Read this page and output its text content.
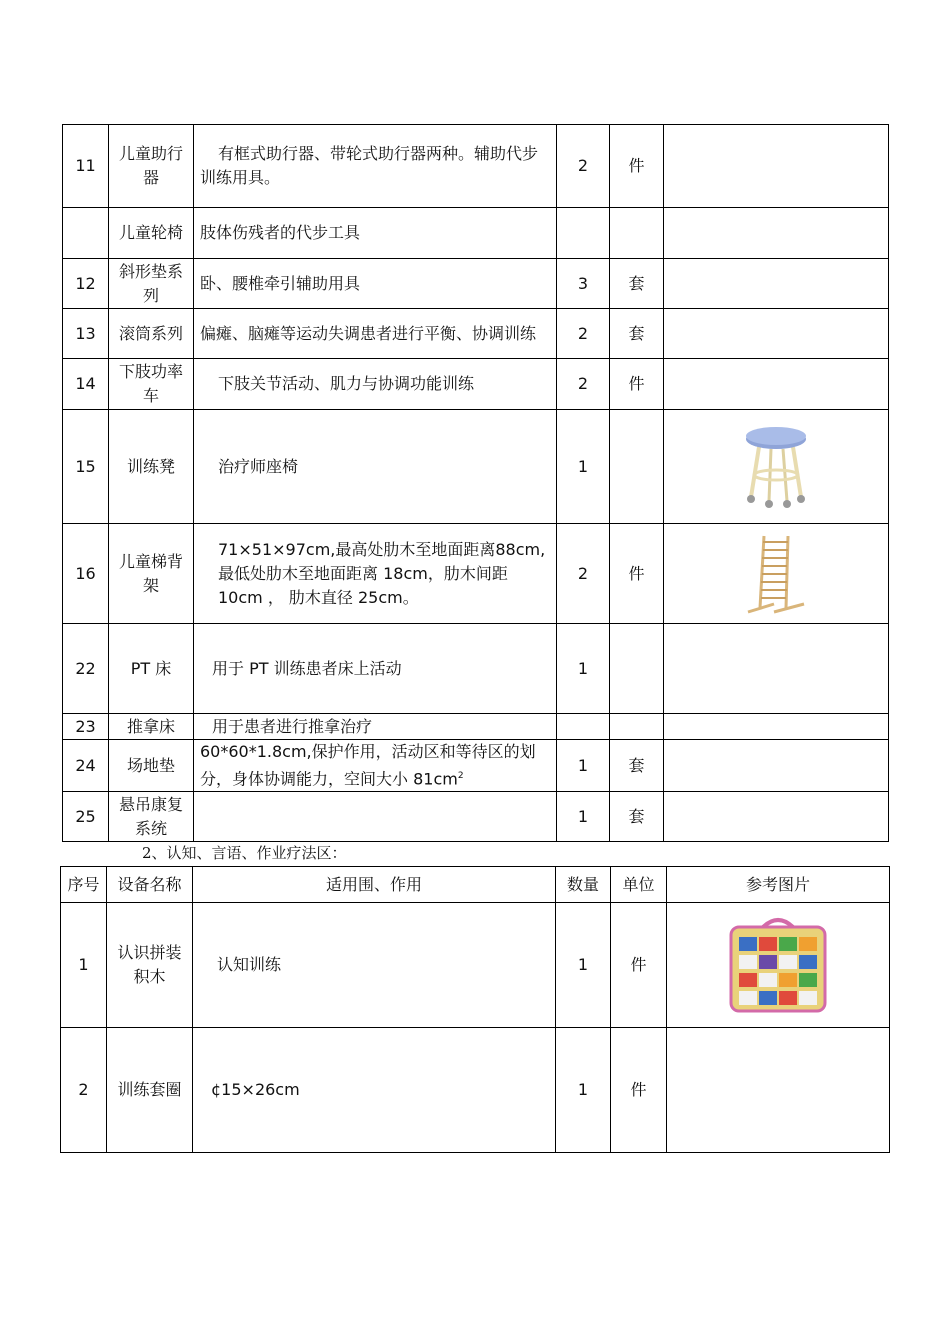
11	儿童助行器	有框式助行器、带轮式助行器两种。辅助代步训练用具。	2	件	
	儿童轮椅	肢体伤残者的代步工具			
12	斜形垫系列	卧、腰椎牵引辅助用具	3	套	
13	滚筒系列	偏瘫、脑瘫等运动失调患者进行平衡、协调训练	2	套	
14	下肢功率车	下肢关节活动、肌力与协调功能训练	2	件	
15	训练凳	治疗师座椅	1		

16	儿童梯背架	71×51×97cm,最高处肋木至地面距离88cm,最低处肋木至地面距离 18cm，肋木间距 10cm ， 肋木直径 25cm。	2	件	

22	PT 床	用于 PT 训练患者床上活动	1		
23	推拿床	用于患者进行推拿治疗			
24	场地垫	60*60*1.8cm,保护作用，活动区和等待区的划分，身体协调能力，空间大小 $81cm^2$	1	套	
25	悬吊康复系统		1	套	
2、认知、言语、作业疗法区：
序号	设备名称	适用围、作用	数量	单位	参考图片
1	认识拼装积木	认知训练	1	件	

2	训练套圈	¢15×26cm	1	件	
